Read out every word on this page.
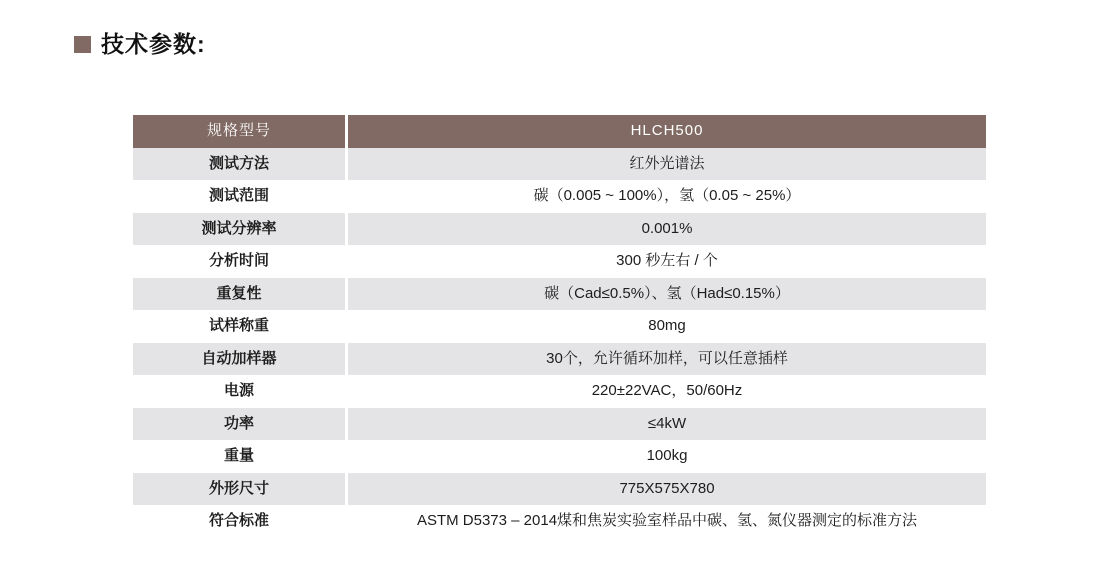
技术参数:
规格型号	HLCH500
测试方法	红外光谱法
测试范围	碳（0.005 ~ 100%），氢（0.05 ~ 25%）
测试分辨率	0.001%
分析时间	300 秒左右 / 个
重复性	碳（Cad≤0.5%）、氢（Had≤0.15%）
试样称重	80mg
自动加样器	30个，允许循环加样，可以任意插样
电源	220±22VAC，50/60Hz
功率	≤4kW
重量	100kg
外形尺寸	775X575X780
符合标准	ASTM D5373 – 2014煤和焦炭实验室样品中碳、氢、氮仪器测定的标准方法
